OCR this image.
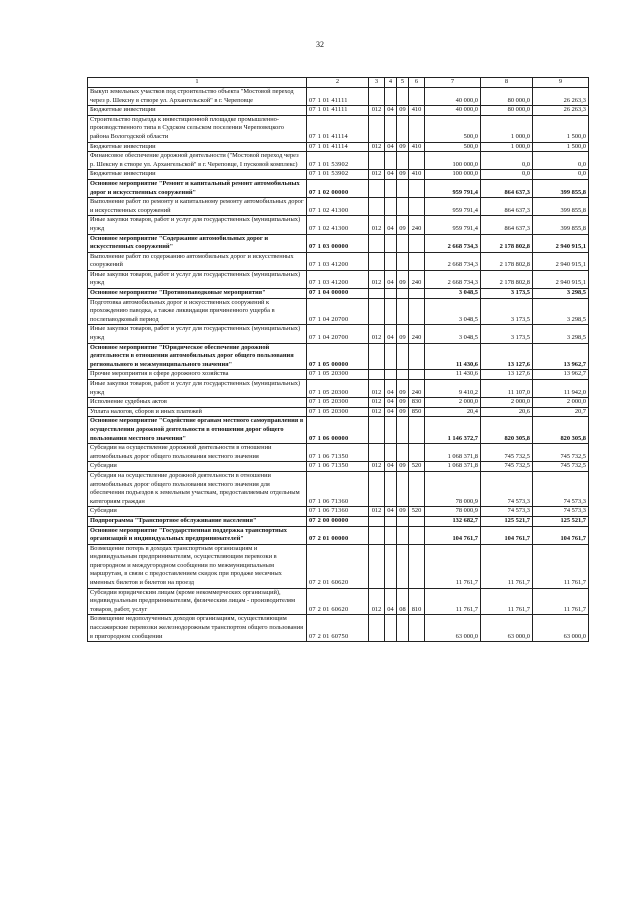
32
1	2	3	4	5	6	7	8	9
Выкуп земельных участков под строительство объекта "Мостовой переход через р. Шексну в створе ул. Архангельской" в г. Череповце	07 1 01 41111					40 000,0	80 000,0	26 263,3
Бюджетные инвестиции	07 1 01 41111	012	04	09	410	40 000,0	80 000,0	26 263,3
Строительство подъезда к инвестиционной площадке промышленно-производственного типа в Судском сельском поселении Череповецкого района Вологодской области	07 1 01 41114					500,0	1 000,0	1 500,0
Бюджетные инвестиции	07 1 01 41114	012	04	09	410	500,0	1 000,0	1 500,0
Финансовое обеспечение дорожной деятельности ("Мостовой переход через р. Шексну в створе ул. Архангельской" в г. Череповце, I пусковой комплекс)	07 1 01 53902					100 000,0	0,0	0,0
Бюджетные инвестиции	07 1 01 53902	012	04	09	410	100 000,0	0,0	0,0
Основное мероприятие "Ремонт и капитальный ремонт автомобильных дорог и искусственных сооружений"	07 1 02 00000					959 791,4	864 637,3	399 855,8
Выполнение работ по ремонту и капитальному ремонту автомобильных дорог и искусственных сооружений	07 1 02 41300					959 791,4	864 637,3	399 855,8
Иные закупки товаров, работ и услуг для государственных (муниципальных) нужд	07 1 02 41300	012	04	09	240	959 791,4	864 637,3	399 855,8
Основное мероприятие "Содержание автомобильных дорог и искусственных сооружений"	07 1 03 00000					2 668 734,3	2 178 802,8	2 940 915,1
Выполнение работ по содержанию автомобильных дорог и искусственных сооружений	07 1 03 41200					2 668 734,3	2 178 802,8	2 940 915,1
Иные закупки товаров, работ и услуг для государственных (муниципальных) нужд	07 1 03 41200	012	04	09	240	2 668 734,3	2 178 802,8	2 940 915,1
Основное мероприятие "Противопаводковые мероприятия"	07 1 04 00000					3 048,5	3 173,5	3 298,5
Подготовка автомобильных дорог и искусственных сооружений к прохождению паводка, а также ликвидация причиненного ущерба в послепаводковый период	07 1 04 20700					3 048,5	3 173,5	3 298,5
Иные закупки товаров, работ и услуг для государственных (муниципальных) нужд	07 1 04 20700	012	04	09	240	3 048,5	3 173,5	3 298,5
Основное мероприятие "Юридическое обеспечение дорожной деятельности в отношении автомобильных дорог общего пользования регионального и межмуниципального значения"	07 1 05 00000					11 430,6	13 127,6	13 962,7
Прочие мероприятия в сфере дорожного хозяйства	07 1 05 20300					11 430,6	13 127,6	13 962,7
Иные закупки товаров, работ и услуг для государственных (муниципальных) нужд	07 1 05 20300	012	04	09	240	9 410,2	11 107,0	11 942,0
Исполнение судебных актов	07 1 05 20300	012	04	09	830	2 000,0	2 000,0	2 000,0
Уплата налогов, сборов и иных платежей	07 1 05 20300	012	04	09	850	20,4	20,6	20,7
Основное мероприятие "Содействие органам местного самоуправления в осуществлении дорожной деятельности в отношении дорог общего пользования местного значения"	07 1 06 00000					1 146 372,7	820 305,8	820 305,8
Субсидии на осуществление дорожной деятельности в отношении автомобильных дорог общего пользования местного значения	07 1 06 71350					1 068 371,8	745 732,5	745 732,5
Субсидии	07 1 06 71350	012	04	09	520	1 068 371,8	745 732,5	745 732,5
Субсидия на осуществление дорожной деятельности в отношении автомобильных дорог общего пользования местного значения для обеспечения подъездов к земельным участкам, предоставляемым отдельным категориям граждан	07 1 06 71360					78 000,9	74 573,3	74 573,3
Субсидии	07 1 06 71360	012	04	09	520	78 000,9	74 573,3	74 573,3
Подпрограмма "Транспортное обслуживание населения"	07 2 00 00000					132 682,7	125 521,7	125 521,7
Основное мероприятие "Государственная поддержка транспортных организаций и индивидуальных предпринимателей"	07 2 01 00000					104 761,7	104 761,7	104 761,7
Возмещение потерь в доходах транспортным организациям и индивидуальным предпринимателям, осуществляющим перевозки в пригородном и междугородном сообщении по межмуниципальным маршрутам, в связи с предоставлением скидок при продаже месячных именных билетов и билетов на проезд	07 2 01 60620					11 761,7	11 761,7	11 761,7
Субсидии юридическим лицам (кроме некоммерческих организаций), индивидуальным предпринимателям, физическим лицам - производителям товаров, работ, услуг	07 2 01 60620	012	04	08	810	11 761,7	11 761,7	11 761,7
Возмещение недополученных доходов организациям, осуществляющим пассажирские перевозки железнодорожным транспортом общего пользования в пригородном сообщении	07 2 01 60750					63 000,0	63 000,0	63 000,0
